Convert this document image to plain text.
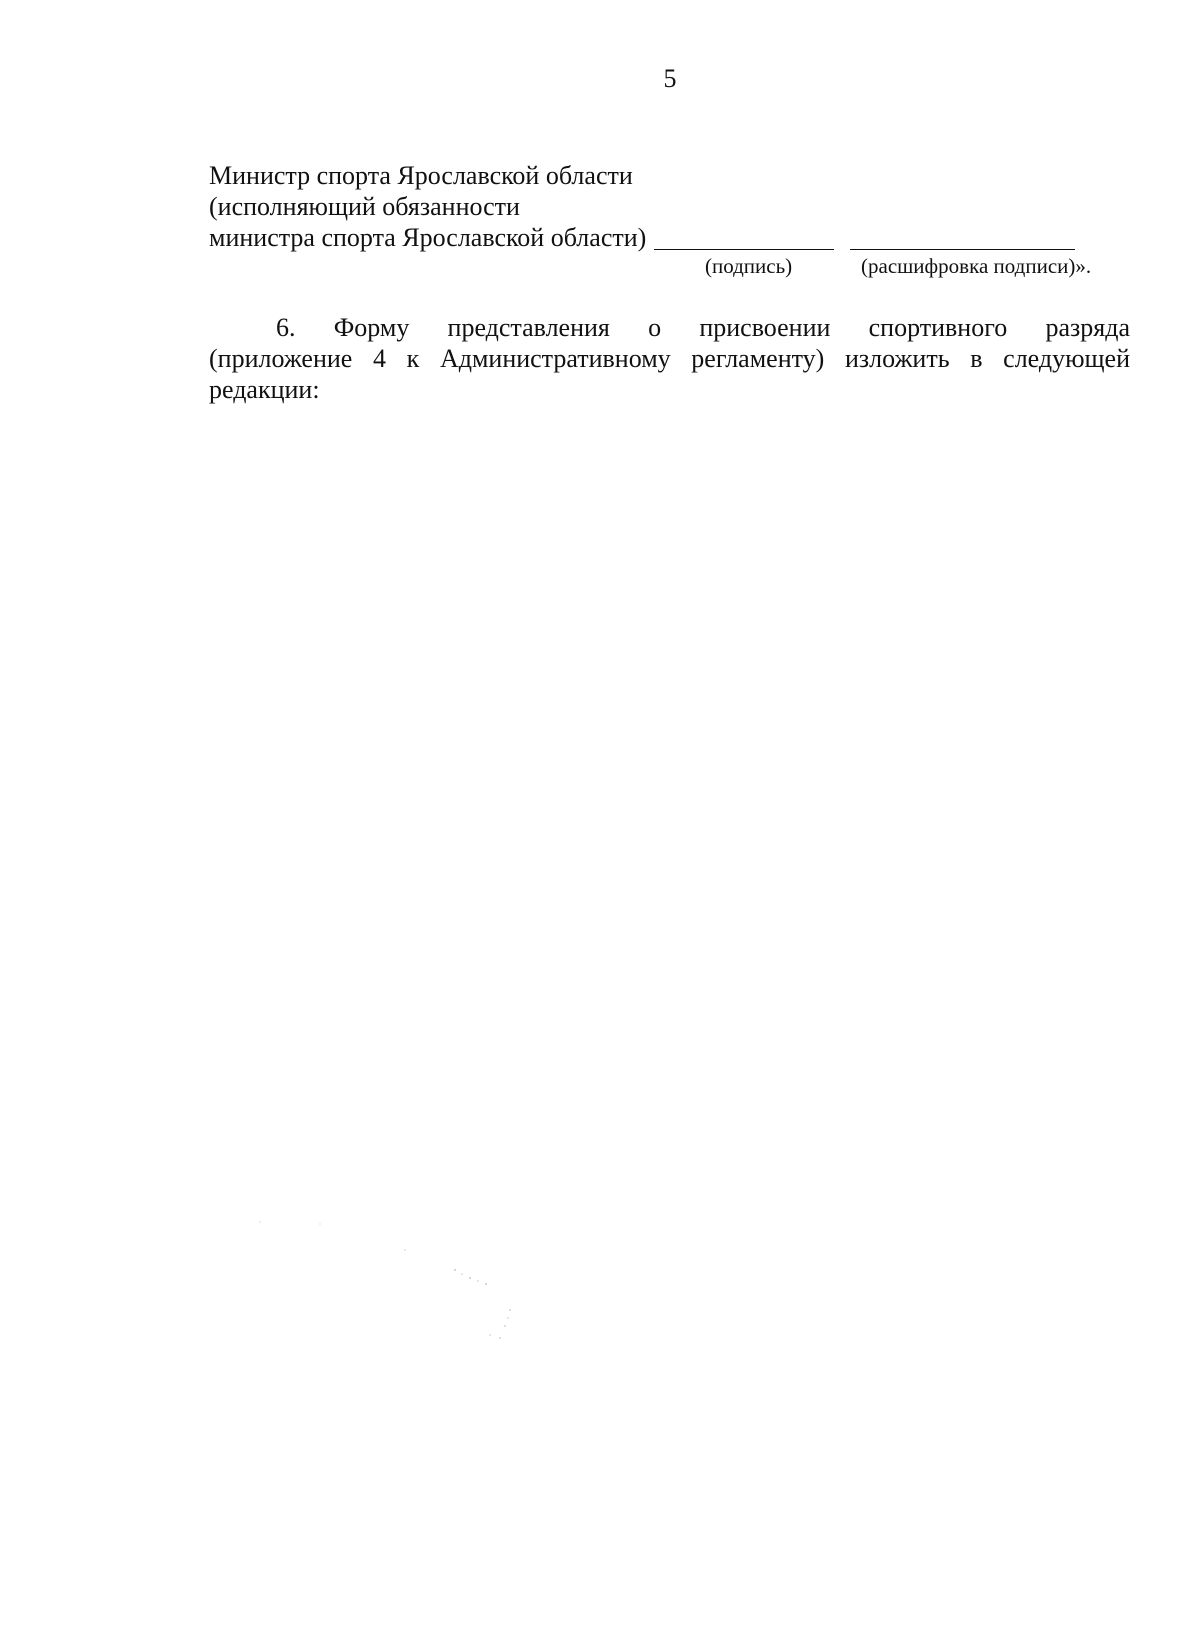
5
Министр спорта Ярославской области
(исполняющий обязанности
министра спорта Ярославской области)
(подпись)	(расшифровка подписи)».
6. Форму представления о присвоении спортивного разряда
(приложение 4 к Административному регламенту) изложить в следующей
редакции:
